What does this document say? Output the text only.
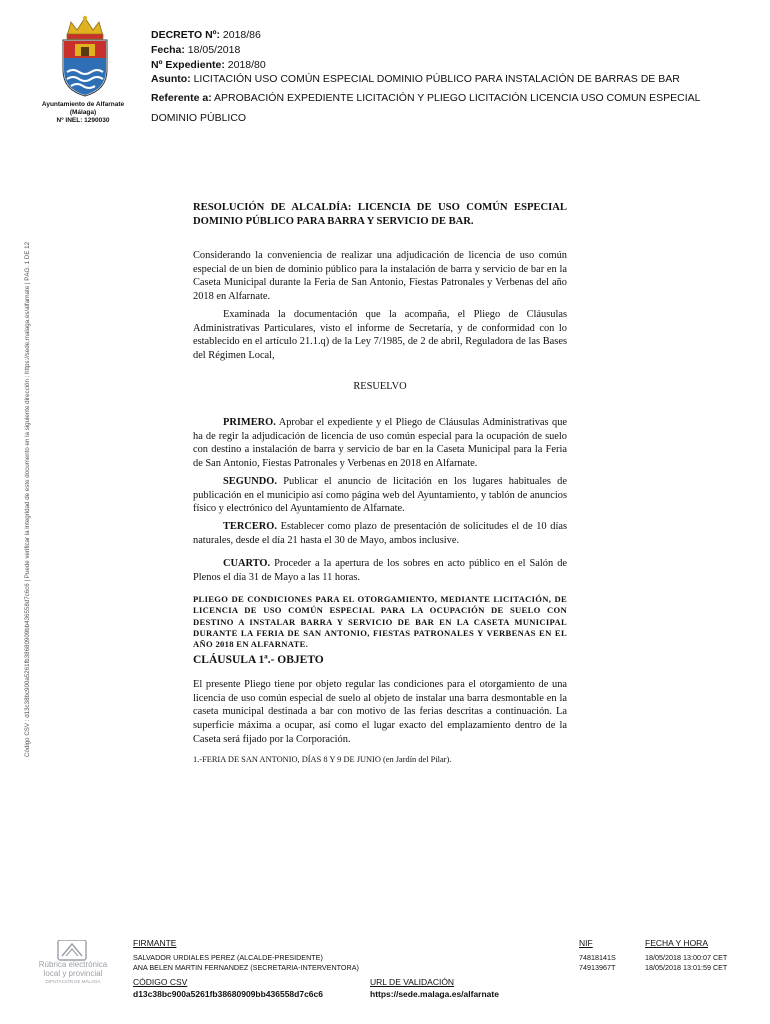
Ayuntamiento de Alfarnate
(Málaga)
Nº INEL: 1290030
DECRETO Nº: 2018/86
Fecha: 18/05/2018
Nº Expediente: 2018/80
Asunto: LICITACIÓN USO COMÚN ESPECIAL DOMINIO PÚBLICO PARA INSTALACIÓN DE BARRAS DE BAR
Referente a: APROBACIÓN EXPEDIENTE LICITACIÓN Y PLIEGO LICITACIÓN LICENCIA USO COMUN ESPECIAL
DOMINIO PÚBLICO
Código CSV : d13c38bc900a5261fb38680909bb436558d7c6c6 | Puede verificar la integridad de este documento en la siguiente dirección : https://sede.malaga.es/alfarnate | PÁG. 1 DE 12
RESOLUCIÓN DE ALCALDÍA: LICENCIA DE USO COMÚN ESPECIAL DOMINIO PÚBLICO PARA BARRA Y SERVICIO DE BAR.
Considerando la conveniencia de realizar una adjudicación de licencia de uso común especial de un bien de dominio público para la instalación de barra y servicio de bar en la Caseta Municipal durante la Feria de San Antonio, Fiestas Patronales y Verbenas del año 2018 en Alfarnate.
Examinada la documentación que la acompaña, el Pliego de Cláusulas Administrativas Particulares, visto el informe de Secretaría, y de conformidad con lo establecido en el artículo 21.1.q) de la Ley 7/1985, de 2 de abril, Reguladora de las Bases del Régimen Local,
RESUELVO
PRIMERO. Aprobar el expediente y el Pliego de Cláusulas Administrativas que ha de regir la adjudicación de licencia de uso común especial para la ocupación de suelo con destino a instalación de barra y servicio de bar en la Caseta Municipal para la Feria de San Antonio, Fiestas Patronales y Verbenas en 2018 en Alfarnate.
SEGUNDO. Publicar el anuncio de licitación en los lugares habituales de publicación en el municipio así como página web del Ayuntamiento, y tablón de anuncios físico y electrónico del Ayuntamiento de Alfarnate.
TERCERO. Establecer como plazo de presentación de solicitudes el de 10 días naturales, desde el día 21 hasta el 30 de Mayo, ambos inclusive.
CUARTO. Proceder a la apertura de los sobres en acto público en el Salón de Plenos el día 31 de Mayo a las 11 horas.
PLIEGO DE CONDICIONES PARA EL OTORGAMIENTO, MEDIANTE LICITACIÓN, DE LICENCIA DE USO COMÚN ESPECIAL PARA LA OCUPACIÓN DE SUELO CON DESTINO A INSTALAR BARRA Y SERVICIO DE BAR EN LA CASETA MUNICIPAL DURANTE LA FERIA DE SAN ANTONIO, FIESTAS PATRONALES Y VERBENAS EN EL AÑO 2018 EN ALFARNATE.
CLÁUSULA 1ª.- OBJETO
El presente Pliego tiene por objeto regular las condiciones para el otorgamiento de una licencia de uso común especial de suelo al objeto de instalar una barra desmontable en la caseta municipal destinada a bar con motivo de las ferias descritas a continuación. La superficie máxima a ocupar, así como el lugar exacto del emplazamiento dentro de la Caseta será fijado por la Corporación.
1.-FERIA DE SAN ANTONIO, DÍAS 8 Y 9 DE JUNIO (en Jardín del Pilar).
Rúbrica electrónica
local y provincial
DIPUTACIÓN DE MÁLAGA
FIRMANTE	NIF	FECHA Y HORA
SALVADOR URDIALES PEREZ (ALCALDE-PRESIDENTE)	74818141S	18/05/2018 13:00:07 CET
ANA BELEN MARTIN FERNANDEZ (SECRETARIA-INTERVENTORA)	74913967T	18/05/2018 13:01:59 CET
CÓDIGO CSV
d13c38bc900a5261fb38680909bb436558d7c6c6
URL DE VALIDACIÓN
https://sede.malaga.es/alfarnate
